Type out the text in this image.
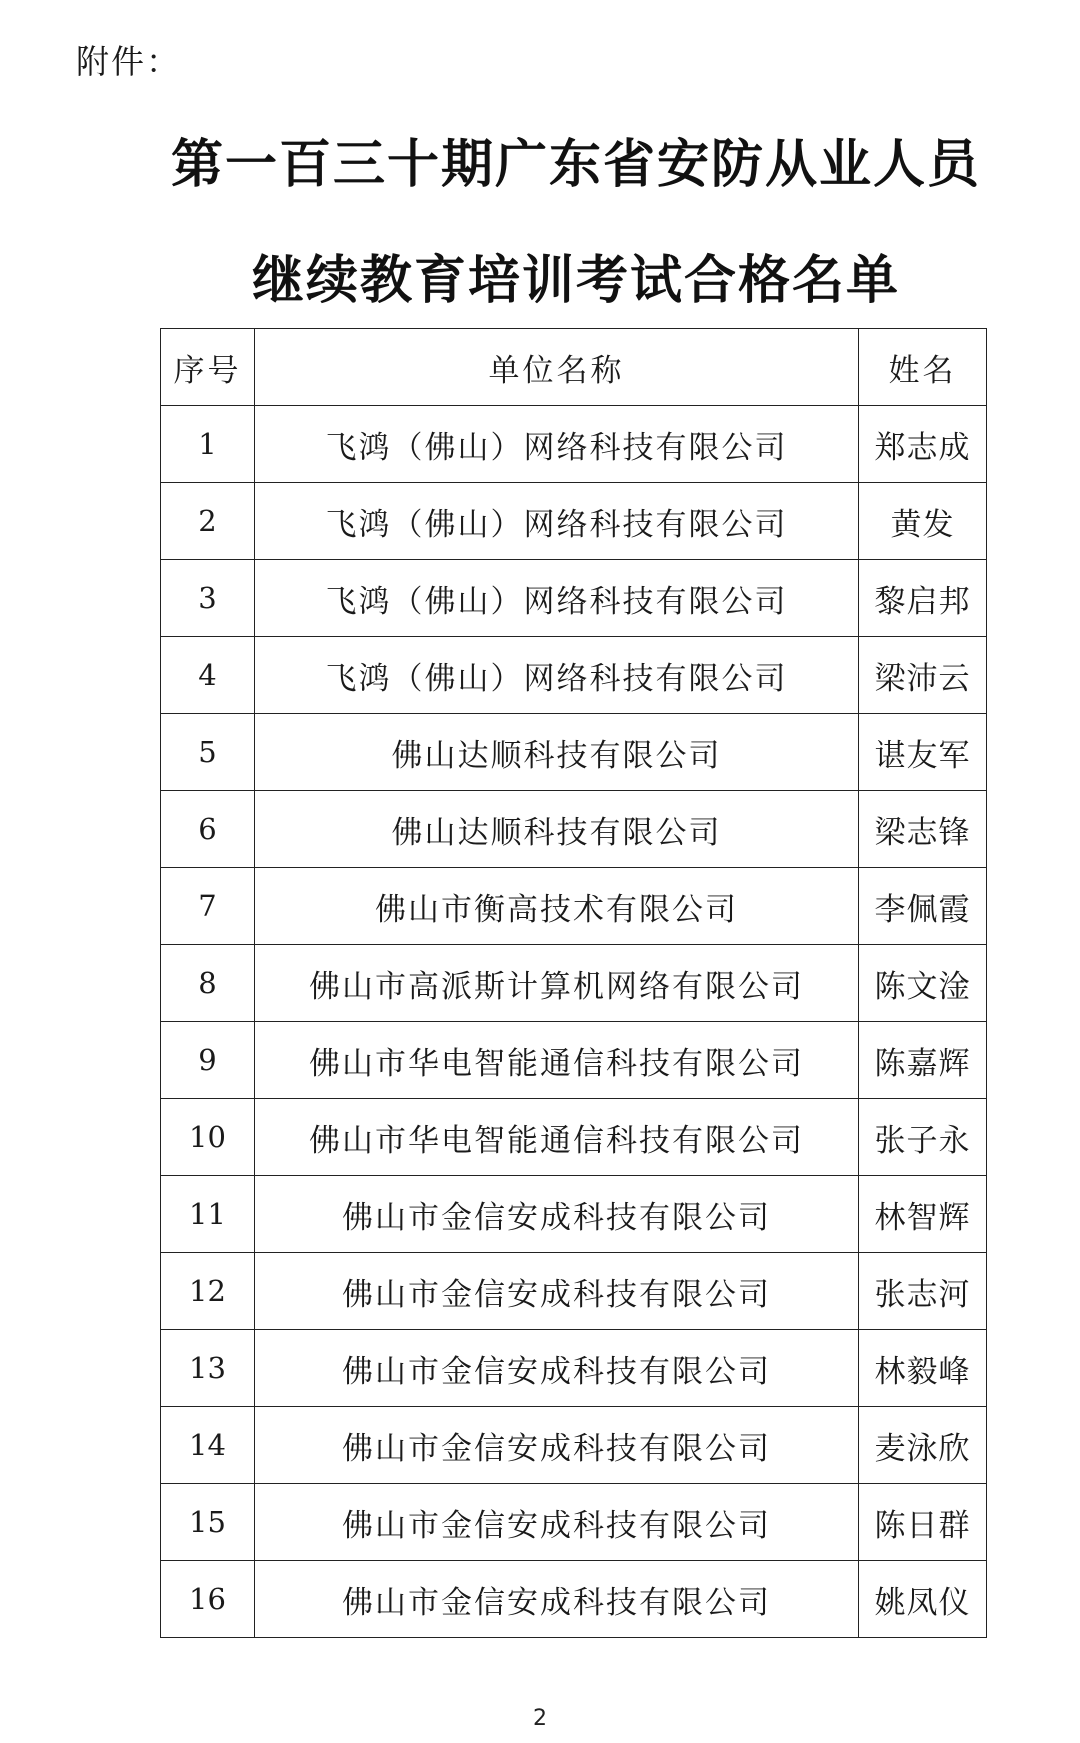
附件：
第一百三十期广东省安防从业人员
继续教育培训考试合格名单
序号	单位名称	姓名
1	飞鸿（佛山）网络科技有限公司	郑志成
2	飞鸿（佛山）网络科技有限公司	黄发
3	飞鸿（佛山）网络科技有限公司	黎启邦
4	飞鸿（佛山）网络科技有限公司	梁沛云
5	佛山达顺科技有限公司	谌友军
6	佛山达顺科技有限公司	梁志锋
7	佛山市衡高技术有限公司	李佩霞
8	佛山市高派斯计算机网络有限公司	陈文淦
9	佛山市华电智能通信科技有限公司	陈嘉辉
10	佛山市华电智能通信科技有限公司	张子永
11	佛山市金信安成科技有限公司	林智辉
12	佛山市金信安成科技有限公司	张志河
13	佛山市金信安成科技有限公司	林毅峰
14	佛山市金信安成科技有限公司	麦泳欣
15	佛山市金信安成科技有限公司	陈日群
16	佛山市金信安成科技有限公司	姚凤仪
2
